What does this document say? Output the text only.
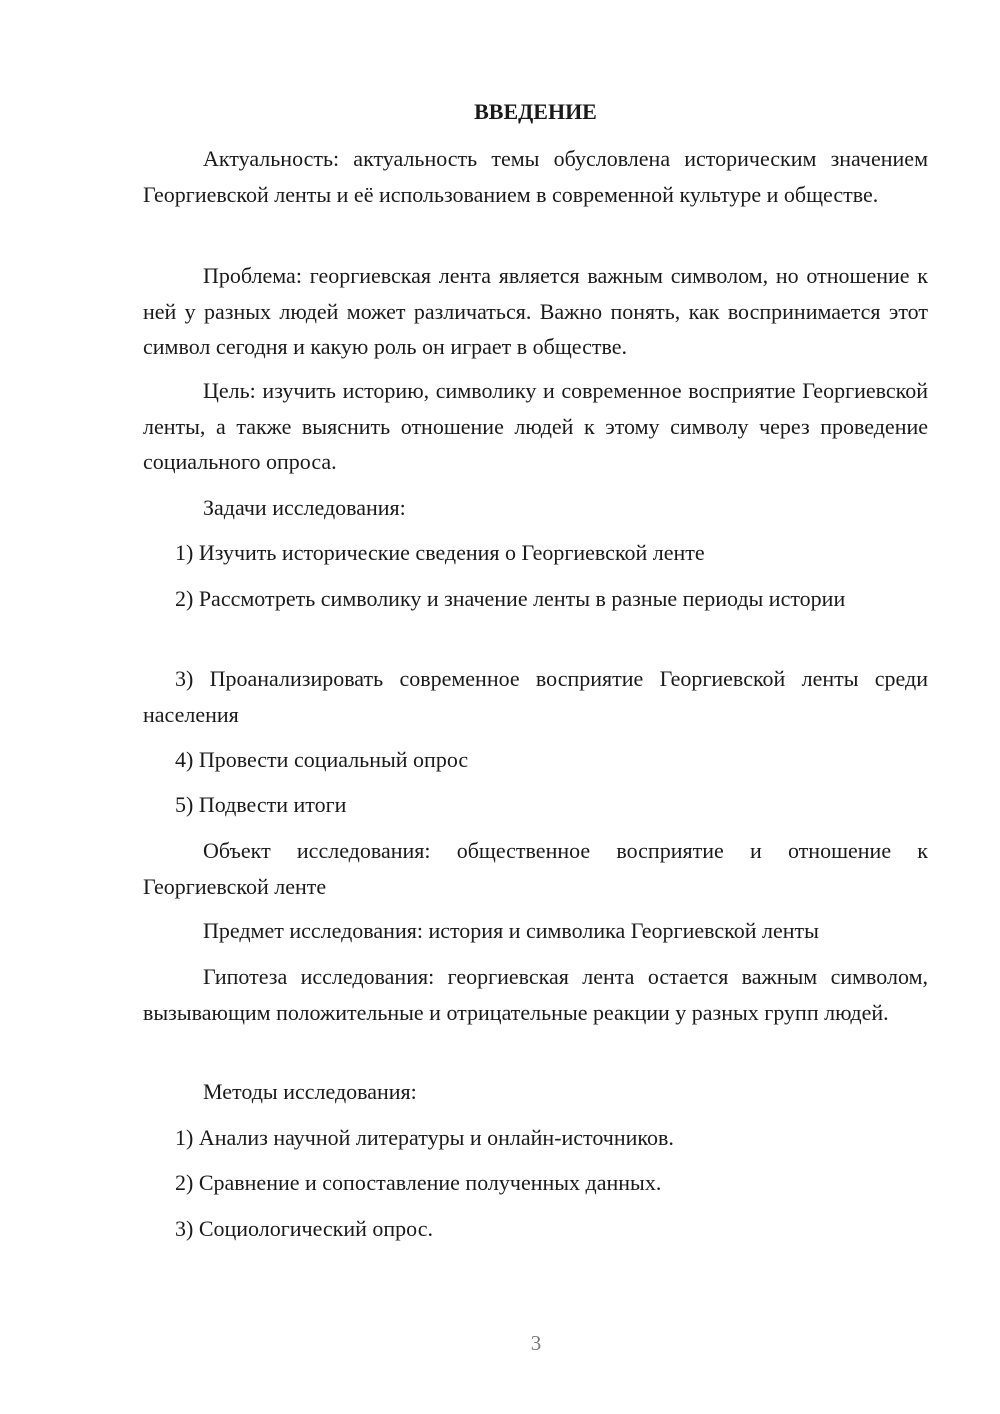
ВВЕДЕНИЕ

Актуальность: актуальность темы обусловлена историческим значением Георгиевской ленты и её использованием в современной культуре и обществе.

Проблема: георгиевская лента является важным символом, но отношение к ней у разных людей может различаться. Важно понять, как воспринимается этот символ сегодня и какую роль он играет в обществе.

Цель: изучить историю, символику и современное восприятие Георгиевской ленты, а также выяснить отношение людей к этому символу через проведение социального опроса.

Задачи исследования:

1) Изучить исторические сведения о Георгиевской ленте

2) Рассмотреть символику и значение ленты в разные периоды истории

3) Проанализировать современное восприятие Георгиевской ленты среди населения

4) Провести социальный опрос

5) Подвести итоги

Объект исследования: общественное восприятие и отношение к Георгиевской ленте

Предмет исследования: история и символика Георгиевской ленты

Гипотеза исследования: георгиевская лента остается важным символом, вызывающим положительные и отрицательные реакции у разных групп людей.

Методы исследования:

1) Анализ научной литературы и онлайн-источников.

2) Сравнение и сопоставление полученных данных.

3) Социологический опрос.

3
